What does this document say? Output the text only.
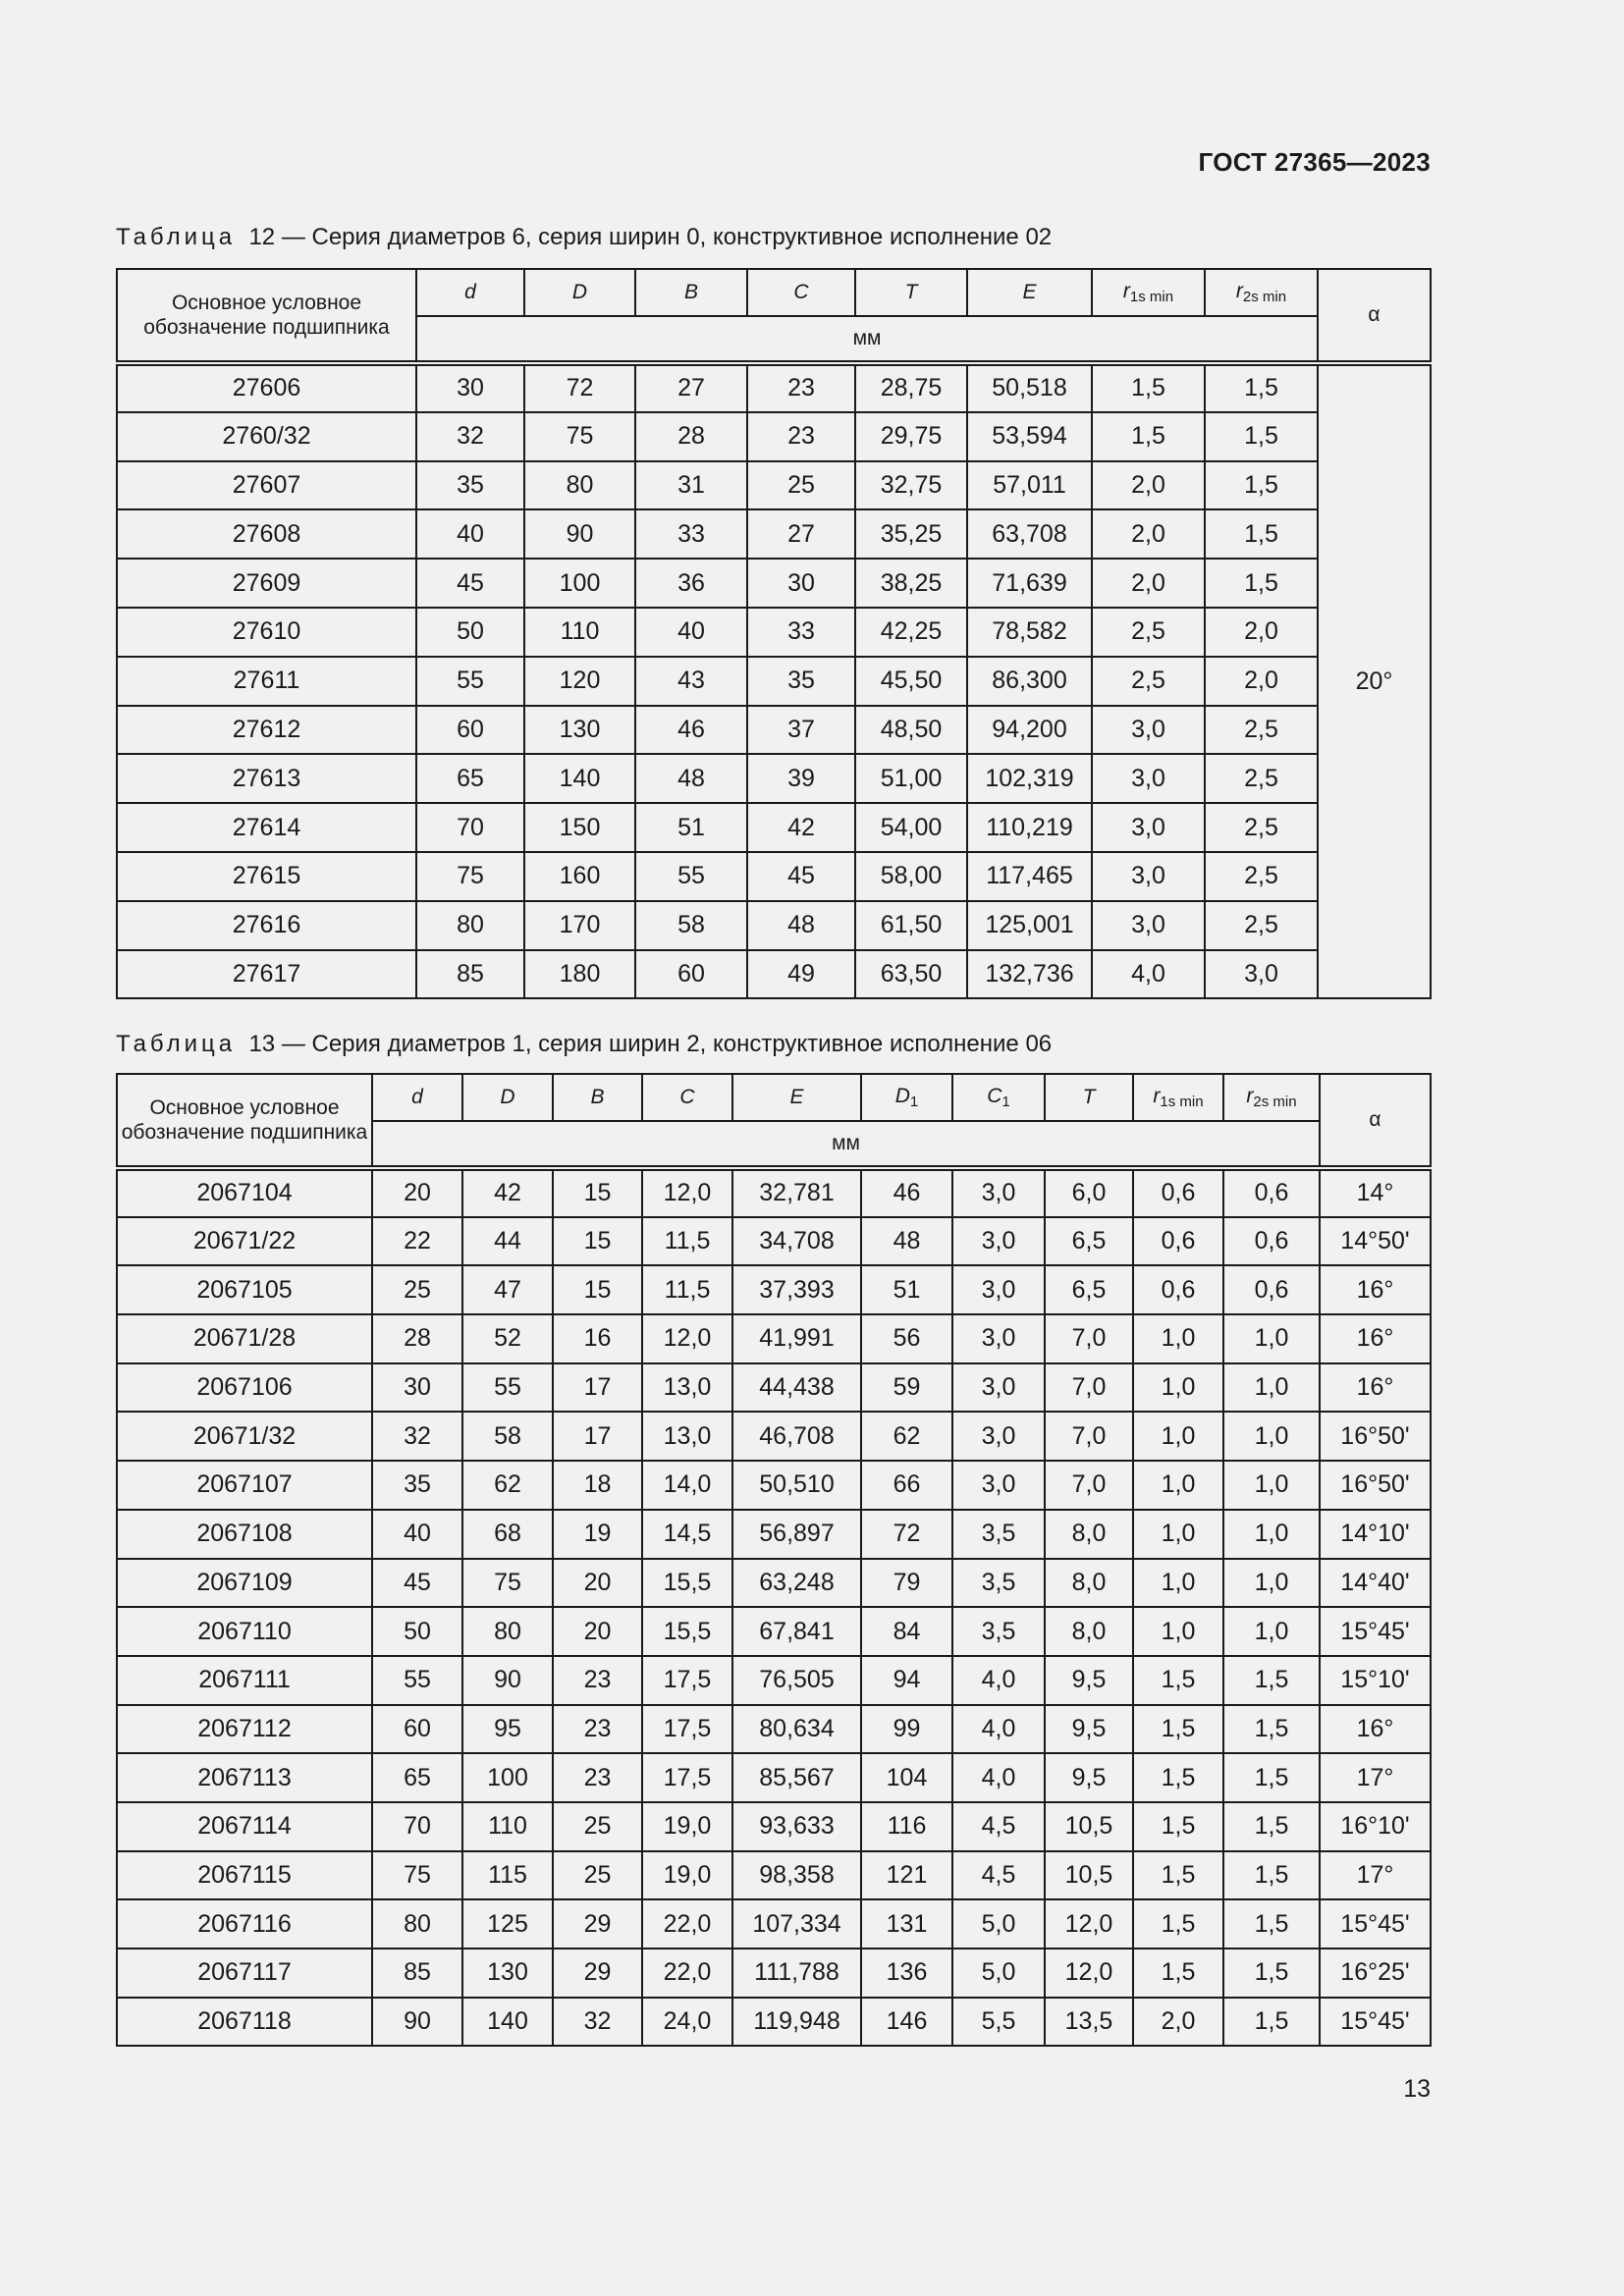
ГОСТ 27365—2023
Таблица 12 — Серия диаметров 6, серия ширин 0, конструктивное исполнение 02
Основное условное обозначение подшипника	d	D	B	C	T	E	$r_{1s min}$	$r_{2s min}$	α
	мм								
27606	30	72	27	23	28,75	50,518	1,5	1,5	20°
2760/32	32	75	28	23	29,75	53,594	1,5	1,5	
27607	35	80	31	25	32,75	57,011	2,0	1,5	
27608	40	90	33	27	35,25	63,708	2,0	1,5	
27609	45	100	36	30	38,25	71,639	2,0	1,5	
27610	50	110	40	33	42,25	78,582	2,5	2,0	
27611	55	120	43	35	45,50	86,300	2,5	2,0	
27612	60	130	46	37	48,50	94,200	3,0	2,5	
27613	65	140	48	39	51,00	102,319	3,0	2,5	
27614	70	150	51	42	54,00	110,219	3,0	2,5	
27615	75	160	55	45	58,00	117,465	3,0	2,5	
27616	80	170	58	48	61,50	125,001	3,0	2,5	
27617	85	180	60	49	63,50	132,736	4,0	3,0	
Таблица 13 — Серия диаметров 1, серия ширин 2, конструктивное исполнение 06
Основное условное обозначение подшипника	d	D	B	C	E	$D_1$	$C_1$	T	$r_{1s min}$	$r_{2s min}$	α
	мм										
2067104	20	42	15	12,0	32,781	46	3,0	6,0	0,6	0,6	14°
20671/22	22	44	15	11,5	34,708	48	3,0	6,5	0,6	0,6	14°50'
2067105	25	47	15	11,5	37,393	51	3,0	6,5	0,6	0,6	16°
20671/28	28	52	16	12,0	41,991	56	3,0	7,0	1,0	1,0	16°
2067106	30	55	17	13,0	44,438	59	3,0	7,0	1,0	1,0	16°
20671/32	32	58	17	13,0	46,708	62	3,0	7,0	1,0	1,0	16°50'
2067107	35	62	18	14,0	50,510	66	3,0	7,0	1,0	1,0	16°50'
2067108	40	68	19	14,5	56,897	72	3,5	8,0	1,0	1,0	14°10'
2067109	45	75	20	15,5	63,248	79	3,5	8,0	1,0	1,0	14°40'
2067110	50	80	20	15,5	67,841	84	3,5	8,0	1,0	1,0	15°45'
2067111	55	90	23	17,5	76,505	94	4,0	9,5	1,5	1,5	15°10'
2067112	60	95	23	17,5	80,634	99	4,0	9,5	1,5	1,5	16°
2067113	65	100	23	17,5	85,567	104	4,0	9,5	1,5	1,5	17°
2067114	70	110	25	19,0	93,633	116	4,5	10,5	1,5	1,5	16°10'
2067115	75	115	25	19,0	98,358	121	4,5	10,5	1,5	1,5	17°
2067116	80	125	29	22,0	107,334	131	5,0	12,0	1,5	1,5	15°45'
2067117	85	130	29	22,0	111,788	136	5,0	12,0	1,5	1,5	16°25'
2067118	90	140	32	24,0	119,948	146	5,5	13,5	2,0	1,5	15°45'
13
